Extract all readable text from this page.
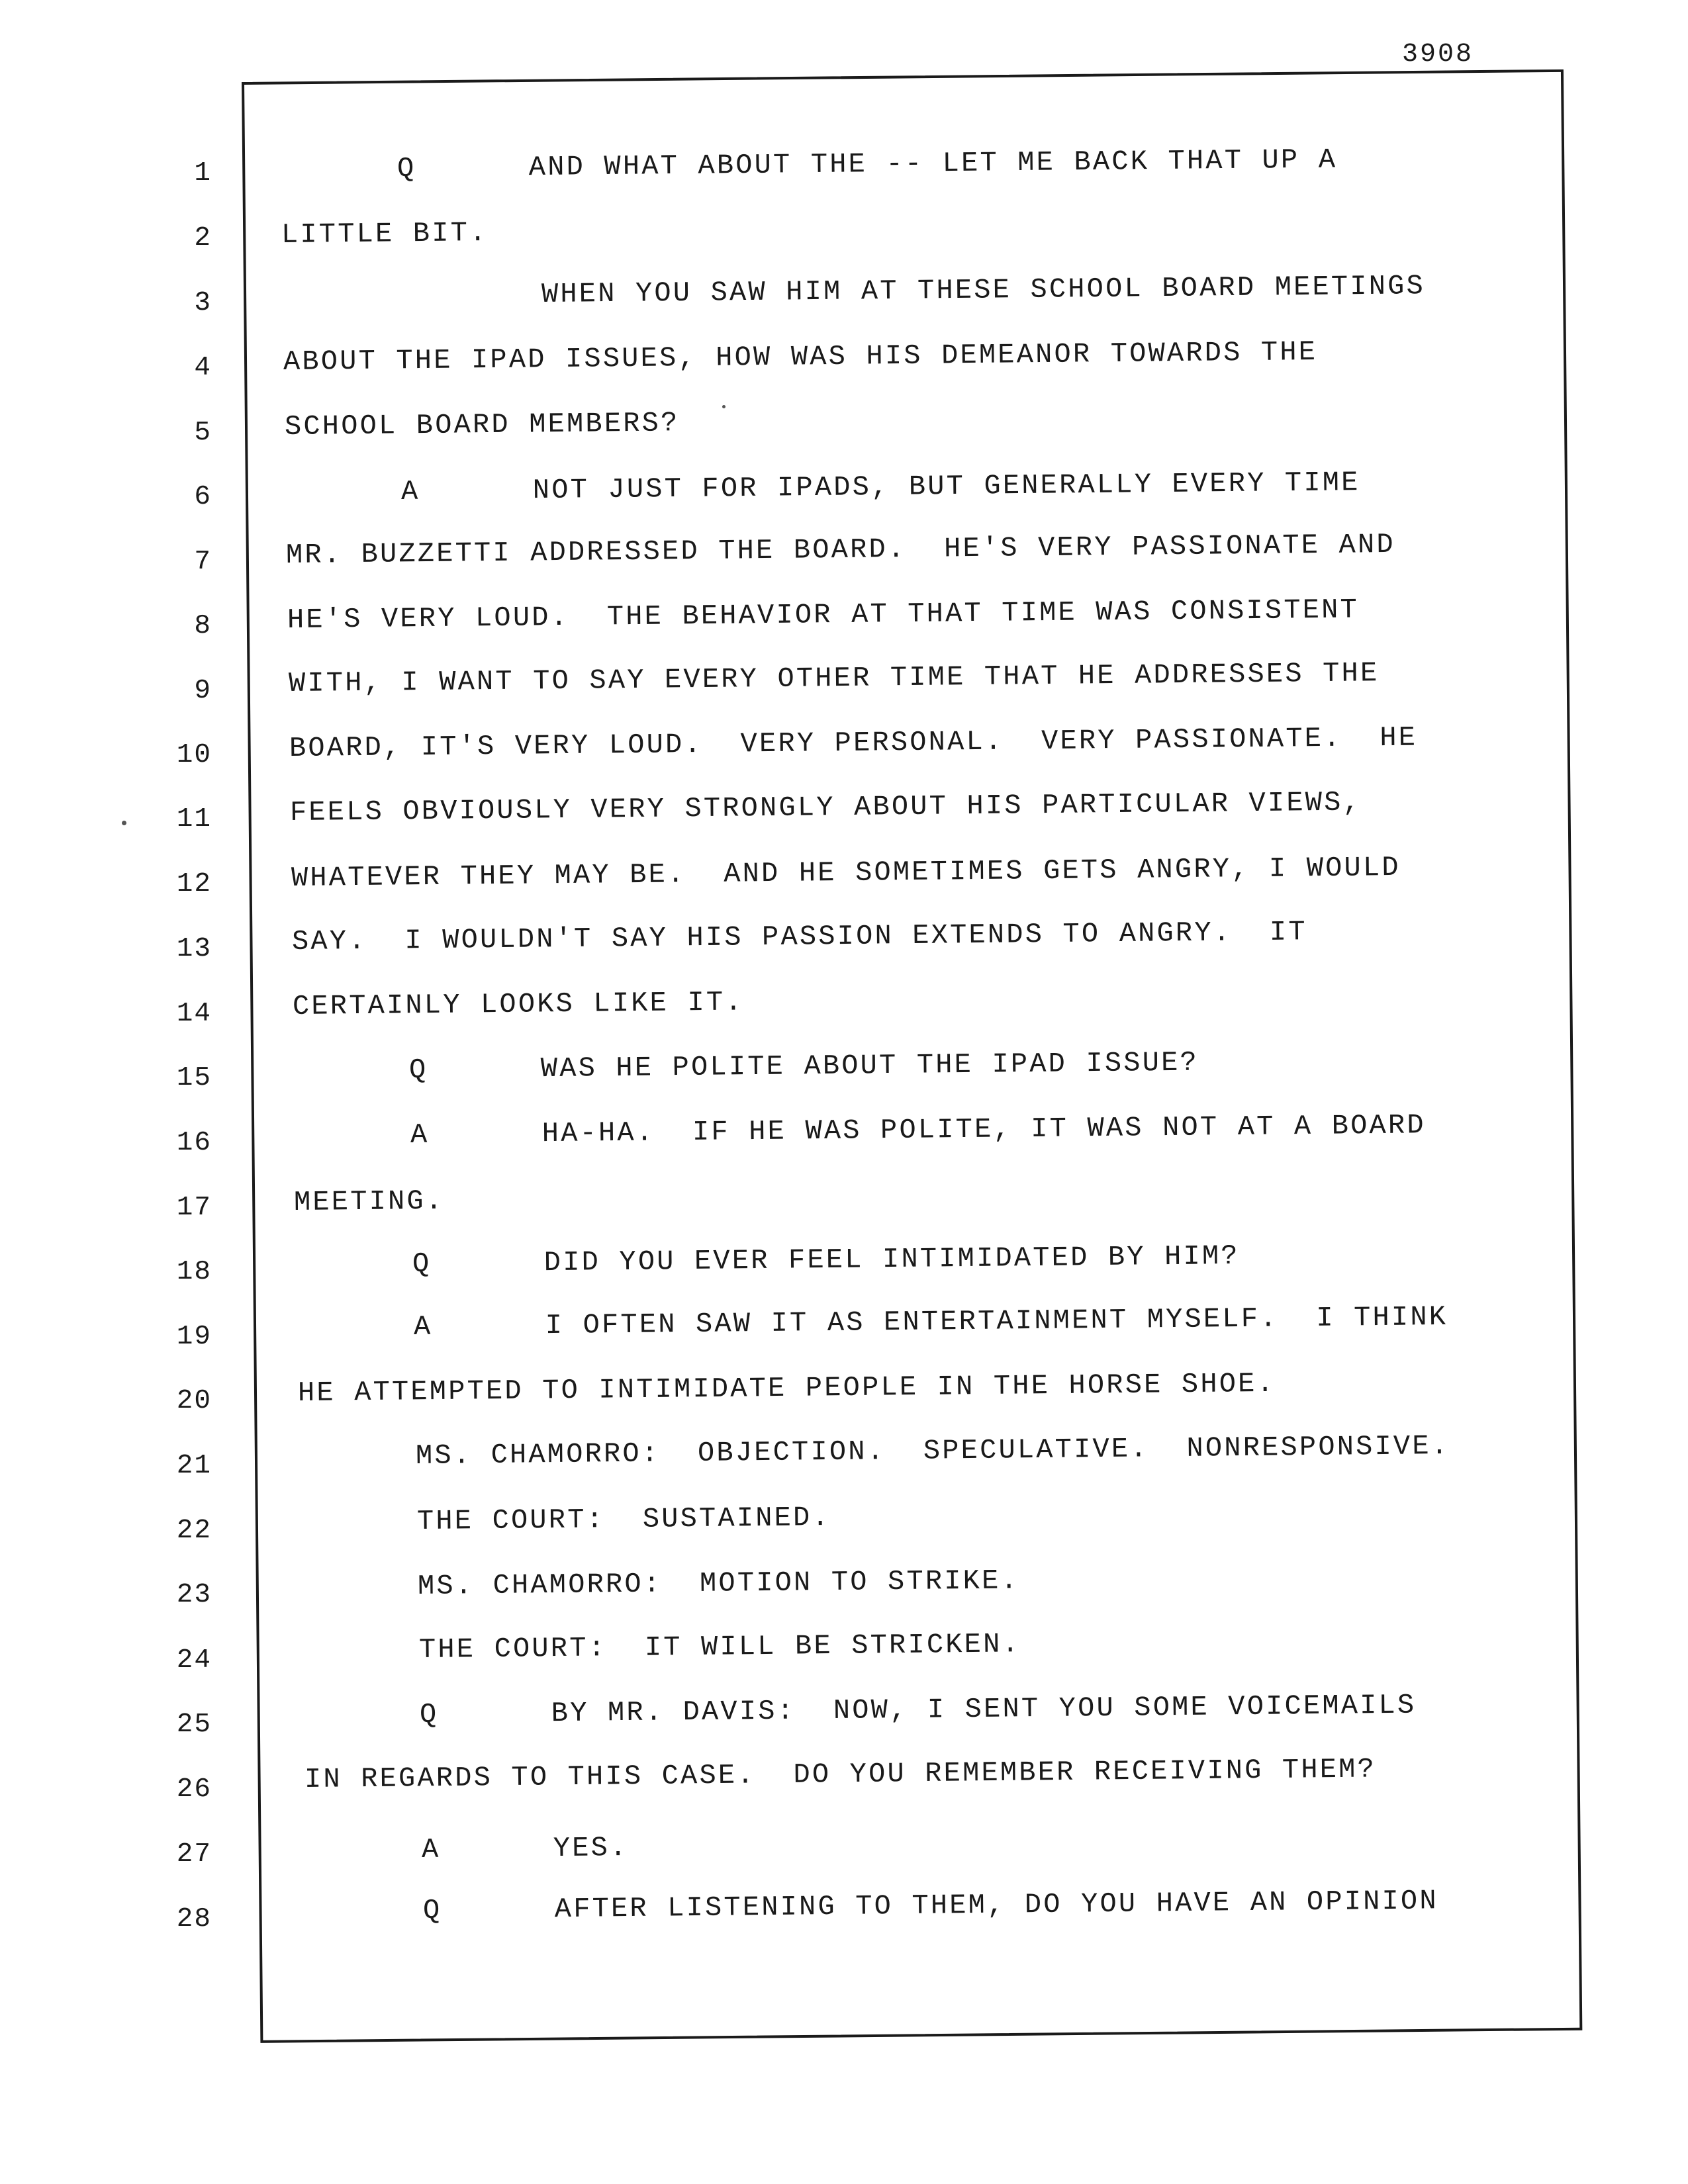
3908
1
2
3
4
5
6
7
8
9
10
11
12
13
14
15
16
17
18
19
20
21
22
23
24
25
26
27
28
Q      AND WHAT ABOUT THE -- LET ME BACK THAT UP A
LITTLE BIT.
WHEN YOU SAW HIM AT THESE SCHOOL BOARD MEETINGS
ABOUT THE IPAD ISSUES, HOW WAS HIS DEMEANOR TOWARDS THE
SCHOOL BOARD MEMBERS?
A      NOT JUST FOR IPADS, BUT GENERALLY EVERY TIME
MR. BUZZETTI ADDRESSED THE BOARD.  HE'S VERY PASSIONATE AND
HE'S VERY LOUD.  THE BEHAVIOR AT THAT TIME WAS CONSISTENT
WITH, I WANT TO SAY EVERY OTHER TIME THAT HE ADDRESSES THE
BOARD, IT'S VERY LOUD.  VERY PERSONAL.  VERY PASSIONATE.  HE
FEELS OBVIOUSLY VERY STRONGLY ABOUT HIS PARTICULAR VIEWS,
WHATEVER THEY MAY BE.  AND HE SOMETIMES GETS ANGRY, I WOULD
SAY.  I WOULDN'T SAY HIS PASSION EXTENDS TO ANGRY.  IT
CERTAINLY LOOKS LIKE IT.
Q      WAS HE POLITE ABOUT THE IPAD ISSUE?
A      HA-HA.  IF HE WAS POLITE, IT WAS NOT AT A BOARD
MEETING.
Q      DID YOU EVER FEEL INTIMIDATED BY HIM?
A      I OFTEN SAW IT AS ENTERTAINMENT MYSELF.  I THINK
HE ATTEMPTED TO INTIMIDATE PEOPLE IN THE HORSE SHOE.
MS. CHAMORRO:  OBJECTION.  SPECULATIVE.  NONRESPONSIVE.
THE COURT:  SUSTAINED.
MS. CHAMORRO:  MOTION TO STRIKE.
THE COURT:  IT WILL BE STRICKEN.
Q      BY MR. DAVIS:  NOW, I SENT YOU SOME VOICEMAILS
IN REGARDS TO THIS CASE.  DO YOU REMEMBER RECEIVING THEM?
A      YES.
Q      AFTER LISTENING TO THEM, DO YOU HAVE AN OPINION
